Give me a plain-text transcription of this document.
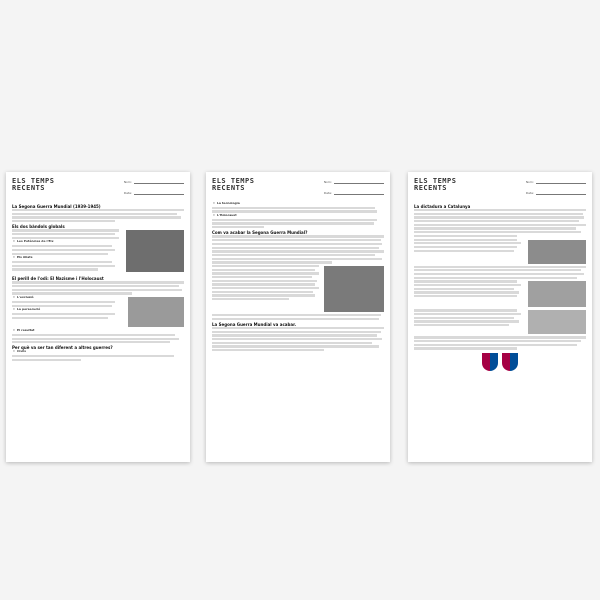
ELS TEMPS
RECENTS
Nom:
Data:
La Segona Guerra Mundial (1939-1945)
Els dos bàndols globals
• Les Potències de l'Eix
• Els Aliats
El perill de l'odi: El Nazisme i l'Holocaust
• L'exclusió
• La persecució
• El resultat
Per què va ser tan diferent a altres guerres?
• Civils
ELS TEMPS
RECENTS
Nom:
Data:
• La tecnologia
• L'Holocaust
Com va acabar la Segona Guerra Mundial?
La Segona Guerra Mundial va acabar.
ELS TEMPS
RECENTS
Nom:
Data:
La dictadura a Catalunya
